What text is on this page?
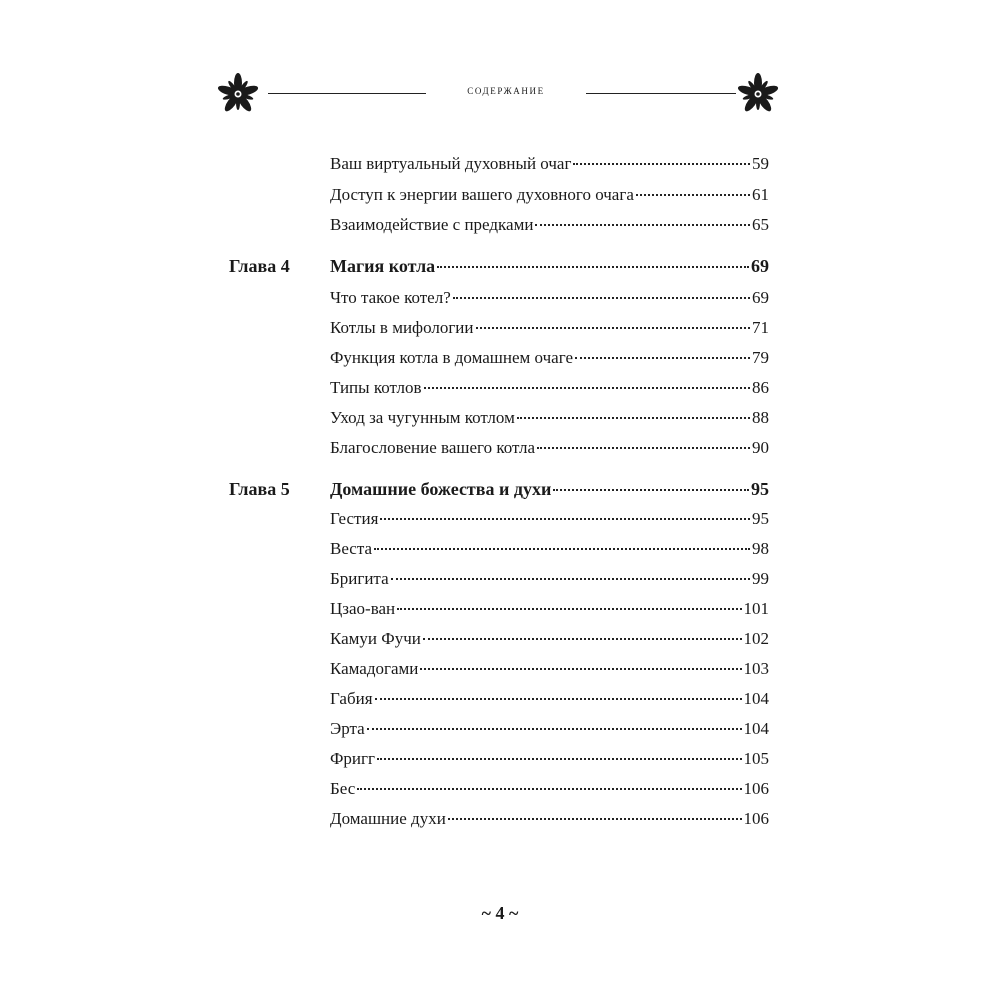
содержание
Ваш виртуальный духовный очаг	59
Доступ к энергии вашего духовного очага	61
Взаимодействие с предками	65
Глава 4 Магия котла	69
Что такое котел?	69
Котлы в мифологии	71
Функция котла в домашнем очаге	79
Типы котлов	86
Уход за чугунным котлом	88
Благословение вашего котла	90
Глава 5 Домашние божества и духи	95
Гестия	95
Веста	98
Бригита	99
Цзао-ван	101
Камуи Фучи	102
Камадогами	103
Габия	104
Эрта	104
Фригг	105
Бес	106
Домашние духи	106
~ 4 ~
